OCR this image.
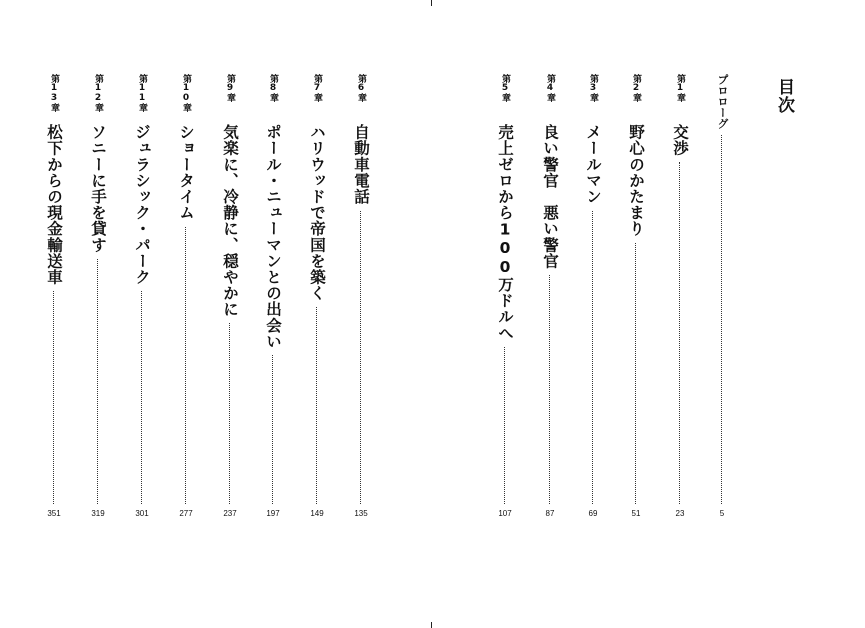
目次
プロローグ
5
第1章
交渉
23
第2章
野心のかたまり
51
第3章
メールマン
69
第4章
良い警官　悪い警官
87
第5章
売上ゼロから100万ドルへ
107
第6章
自動車電話
135
第7章
ハリウッドで帝国を築く
149
第8章
ポール・ニューマンとの出会い
197
第9章
気楽に、冷静に、穏やかに
237
第10章
ショータイム
277
第11章
ジュラシック・パーク
301
第12章
ソニーに手を貸す
319
第13章
松下からの現金輸送車
351
